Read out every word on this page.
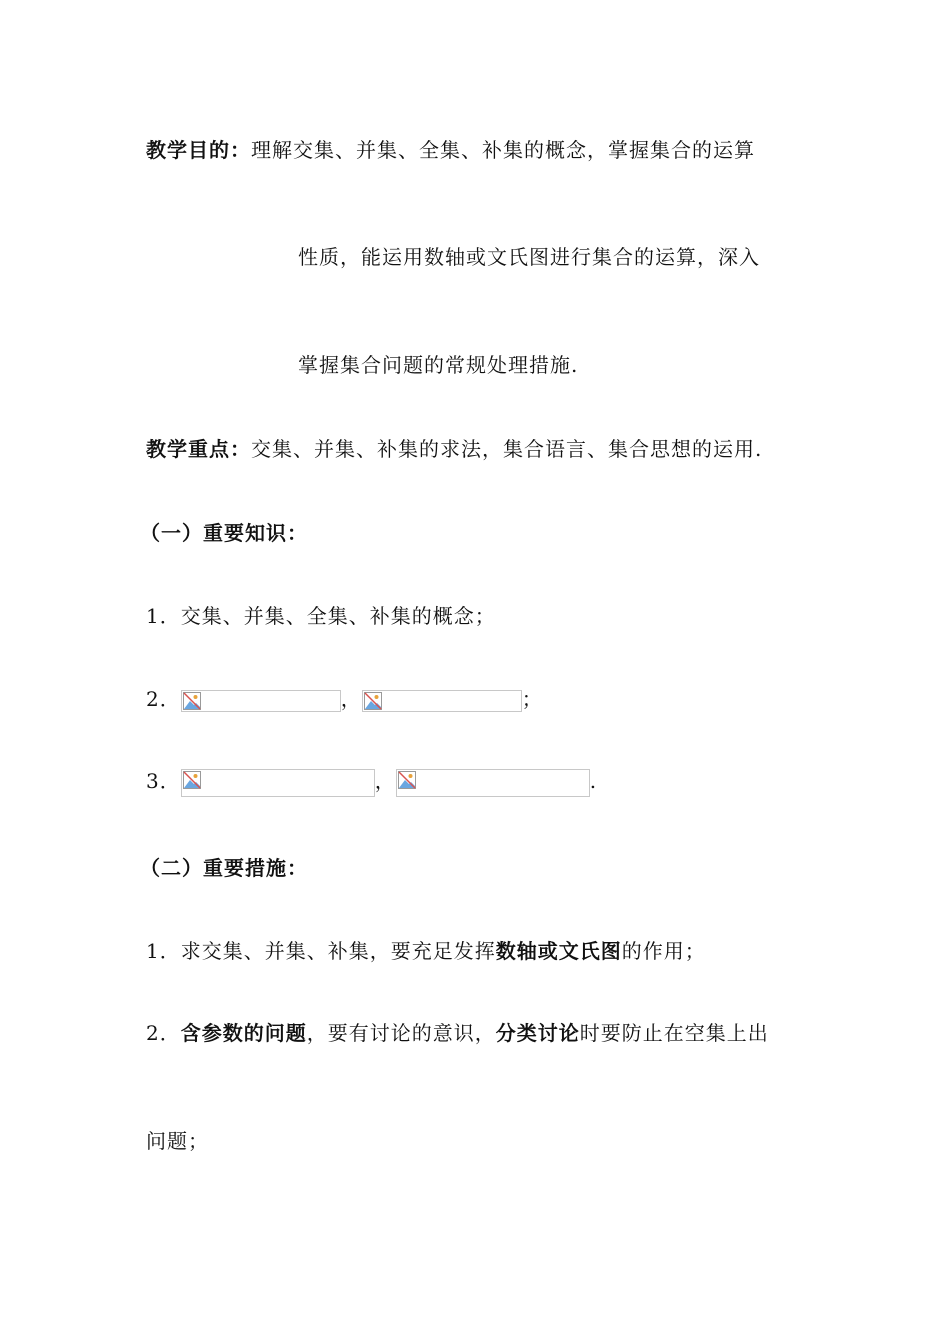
教学目的：理解交集、并集、全集、补集的概念，掌握集合的运算
性质，能运用数轴或文氏图进行集合的运算，深入
掌握集合问题的常规处理措施.
教学重点：交集、并集、补集的求法，集合语言、集合思想的运用.
（一）重要知识：
1．交集、并集、全集、补集的概念；
2．	，	；
3．	，	.
（二）重要措施：
1．求交集、并集、补集，要充足发挥数轴或文氏图的作用；
2．含参数的问题，要有讨论的意识，分类讨论时要防止在空集上出
问题；
